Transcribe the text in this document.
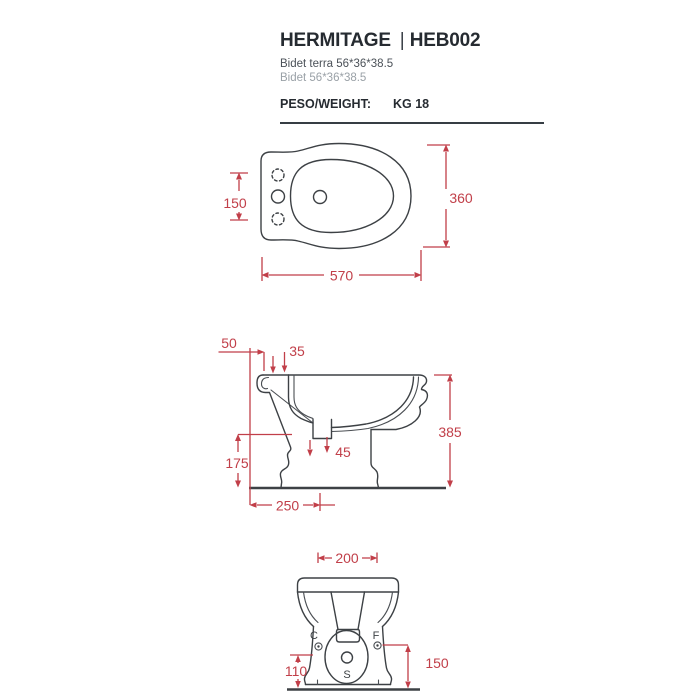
HERMITAGE | HEB002
Bidet terra 56*36*38.5
Bidet 56*36*38.5
PESO/WEIGHT: KG 18
150	360
570
50	35
175
45
385
250
C	F
S
200
110	150
